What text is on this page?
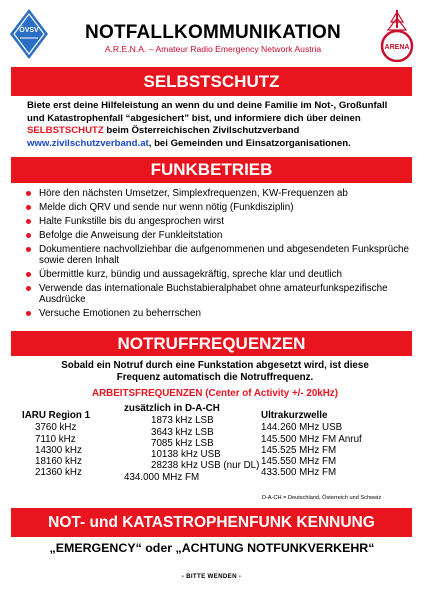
ÖVSV	NOTFALLKOMMUNIKATION
A.R.E.N.A. – Amateur Radio Emergency Network Austria	ARENA
SELBSTSCHUTZ
Biete erst deine Hilfeleistung an wenn du und deine Familie im Not-, Großunfall und Katastrophenfall “abgesichert” bist, und informiere dich über deinen SELBSTSCHUTZ beim Österreichischen Zivilschutzverband www.zivilschutzverband.at, bei Gemeinden und Einsatzorganisationen.
FUNKBETRIEB
Höre den nächsten Umsetzer, Simplexfrequenzen, KW-Frequenzen ab
Melde dich QRV und sende nur wenn nötig (Funkdisziplin)
Halte Funkstille bis du angesprochen wirst
Befolge die Anweisung der Funkleitstation
Dokumentiere nachvollziehbar die aufgenommenen und abgesendeten Funksprüche sowie deren Inhalt
Übermittle kurz, bündig und aussagekräftig, spreche klar und deutlich
Verwende das internationale Buchstabieralphabet ohne amateurfunkspezifische Ausdrücke
Versuche Emotionen zu beherrschen
NOTRUFFREQUENZEN
Sobald ein Notruf durch eine Funkstation abgesetzt wird, ist diese Frequenz automatisch die Notruffrequenz.
ARBEITSFREQUENZEN (Center of Activity +/- 20kHz)
IARU Region 1
3760 kHz
7110 kHz
14300 kHz
18160 kHz
21360 kHz
zusätzlich in D-A-CH
1873 kHz LSB
3643 kHz LSB
7085 kHz LSB
10138 kHz USB
28238 kHz USB (nur DL)
434.000 MHz FM
Ultrakurzwelle
144.260 MHz USB
145.500 MHz FM Anruf
145.525 MHz FM
145.550 MHz FM
433.500 MHz FM
D-A-CH = Deutschland, Österreich und Schweiz
NOT- und KATASTROPHENFUNK KENNUNG
„EMERGENCY“ oder „ACHTUNG NOTFUNKVERKEHR“
- BITTE WENDEN -
